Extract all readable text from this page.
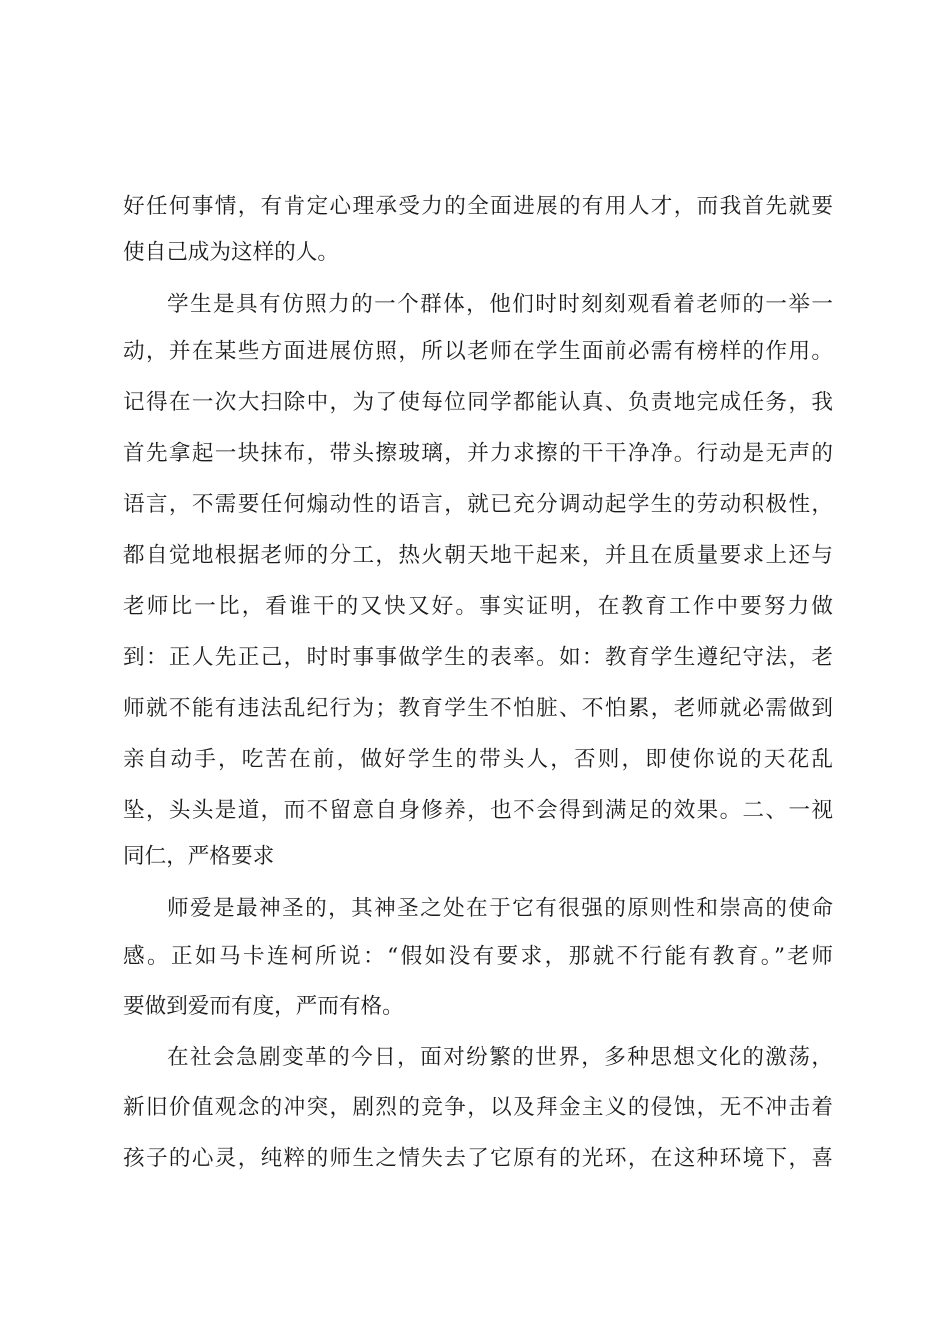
好任何事情，有肯定心理承受力的全面进展的有用人才，而我首先就要
使自己成为这样的人。
学生是具有仿照力的一个群体，他们时时刻刻观看着老师的一举一
动，并在某些方面进展仿照，所以老师在学生面前必需有榜样的作用。
记得在一次大扫除中，为了使每位同学都能认真、负责地完成任务，我
首先拿起一块抹布，带头擦玻璃，并力求擦的干干净净。行动是无声的
语言，不需要任何煽动性的语言，就已充分调动起学生的劳动积极性，
都自觉地根据老师的分工，热火朝天地干起来，并且在质量要求上还与
老师比一比，看谁干的又快又好。事实证明，在教育工作中要努力做
到：正人先正己，时时事事做学生的表率。如：教育学生遵纪守法，老
师就不能有违法乱纪行为；教育学生不怕脏、不怕累，老师就必需做到
亲自动手，吃苦在前，做好学生的带头人，否则，即使你说的天花乱
坠，头头是道，而不留意自身修养，也不会得到满足的效果。二、一视
同仁，严格要求
师爱是最神圣的，其神圣之处在于它有很强的原则性和崇高的使命
感。正如马卡连柯所说：“假如没有要求，那就不行能有教育。”老师
要做到爱而有度，严而有格。
在社会急剧变革的今日，面对纷繁的世界，多种思想文化的激荡，
新旧价值观念的冲突，剧烈的竞争，以及拜金主义的侵蚀，无不冲击着
孩子的心灵，纯粹的师生之情失去了它原有的光环，在这种环境下，喜
